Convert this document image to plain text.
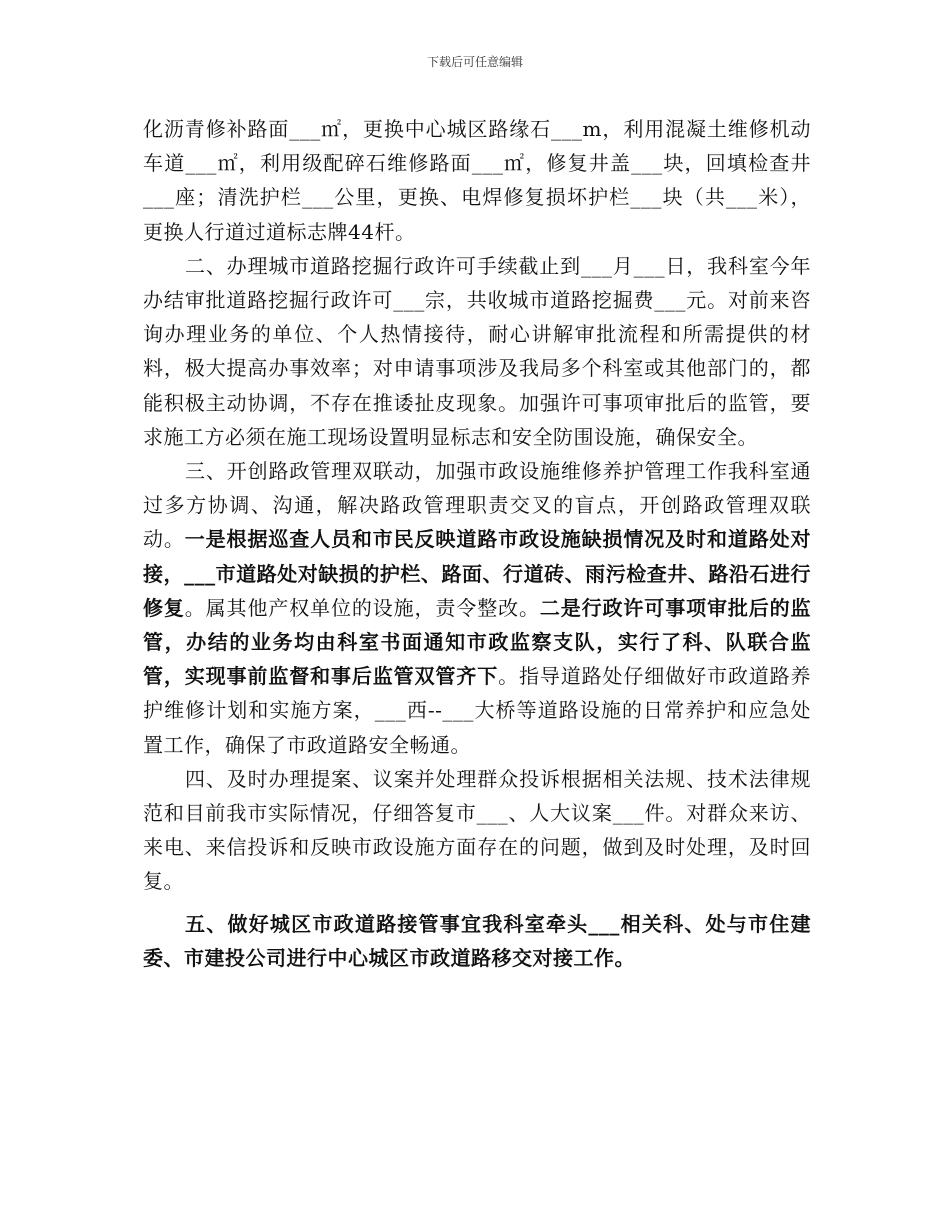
下载后可任意编辑

化沥青修补路面___㎡，更换中心城区路缘石___m，利用混凝土维修机动车道___㎡，利用级配碎石维修路面___㎡，修复井盖___块，回填检查井___座；清洗护栏___公里，更换、电焊修复损坏护栏___块（共___米），更换人行道过道标志牌44杆。

二、办理城市道路挖掘行政许可手续截止到___月___日，我科室今年办结审批道路挖掘行政许可___宗，共收城市道路挖掘费___元。对前来咨询办理业务的单位、个人热情接待，耐心讲解审批流程和所需提供的材料，极大提高办事效率；对申请事项涉及我局多个科室或其他部门的，都能积极主动协调，不存在推诿扯皮现象。加强许可事项审批后的监管，要求施工方必须在施工现场设置明显标志和安全防围设施，确保安全。

三、开创路政管理双联动，加强市政设施维修养护管理工作我科室通过多方协调、沟通，解决路政管理职责交叉的盲点，开创路政管理双联动。一是根据巡查人员和市民反映道路市政设施缺损情况及时和道路处对接，___市道路处对缺损的护栏、路面、行道砖、雨污检查井、路沿石进行修复。属其他产权单位的设施，责令整改。二是行政许可事项审批后的监管，办结的业务均由科室书面通知市政监察支队，实行了科、队联合监管，实现事前监督和事后监管双管齐下。指导道路处仔细做好市政道路养护维修计划和实施方案，___西--___大桥等道路设施的日常养护和应急处置工作，确保了市政道路安全畅通。

四、及时办理提案、议案并处理群众投诉根据相关法规、技术法律规范和目前我市实际情况，仔细答复市___、人大议案___件。对群众来访、来电、来信投诉和反映市政设施方面存在的问题，做到及时处理，及时回复。

五、做好城区市政道路接管事宜我科室牵头___相关科、处与市住建委、市建投公司进行中心城区市政道路移交对接工作。
